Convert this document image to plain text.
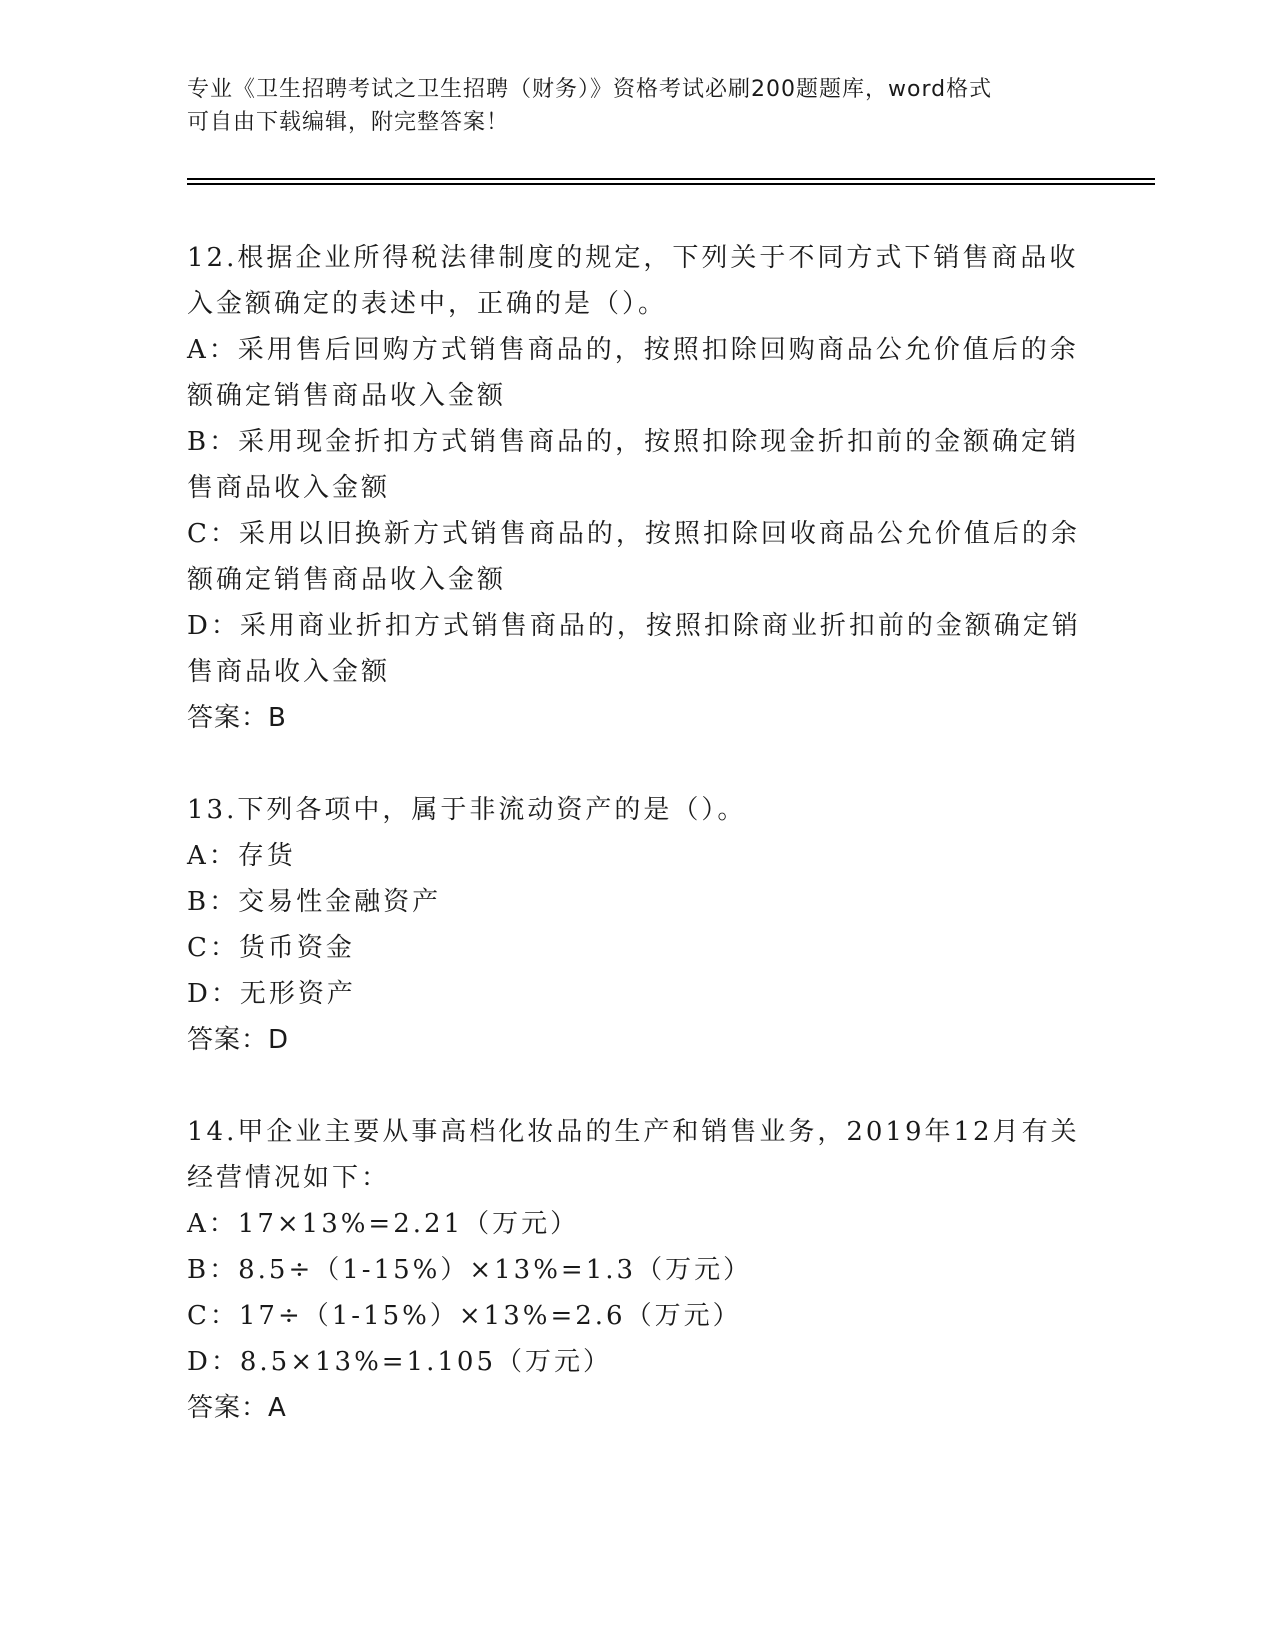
专业《卫生招聘考试之卫生招聘（财务）》资格考试必刷200题题库，word格式
可自由下载编辑，附完整答案！

12.根据企业所得税法律制度的规定，下列关于不同方式下销售商品收

入金额确定的表述中，正确的是（）。

A：采用售后回购方式销售商品的，按照扣除回购商品公允价值后的余

额确定销售商品收入金额

B：采用现金折扣方式销售商品的，按照扣除现金折扣前的金额确定销

售商品收入金额

C：采用以旧换新方式销售商品的，按照扣除回收商品公允价值后的余

额确定销售商品收入金额

D：采用商业折扣方式销售商品的，按照扣除商业折扣前的金额确定销

售商品收入金额

答案：B

13.下列各项中，属于非流动资产的是（）。

A：存货

B：交易性金融资产

C：货币资金

D：无形资产

答案：D

14.甲企业主要从事高档化妆品的生产和销售业务，2019年12月有关

经营情况如下：

A：17×13%=2.21（万元）

B：8.5÷（1-15%）×13%=1.3（万元）

C：17÷（1-15%）×13%=2.6（万元）

D：8.5×13%=1.105（万元）

答案：A
